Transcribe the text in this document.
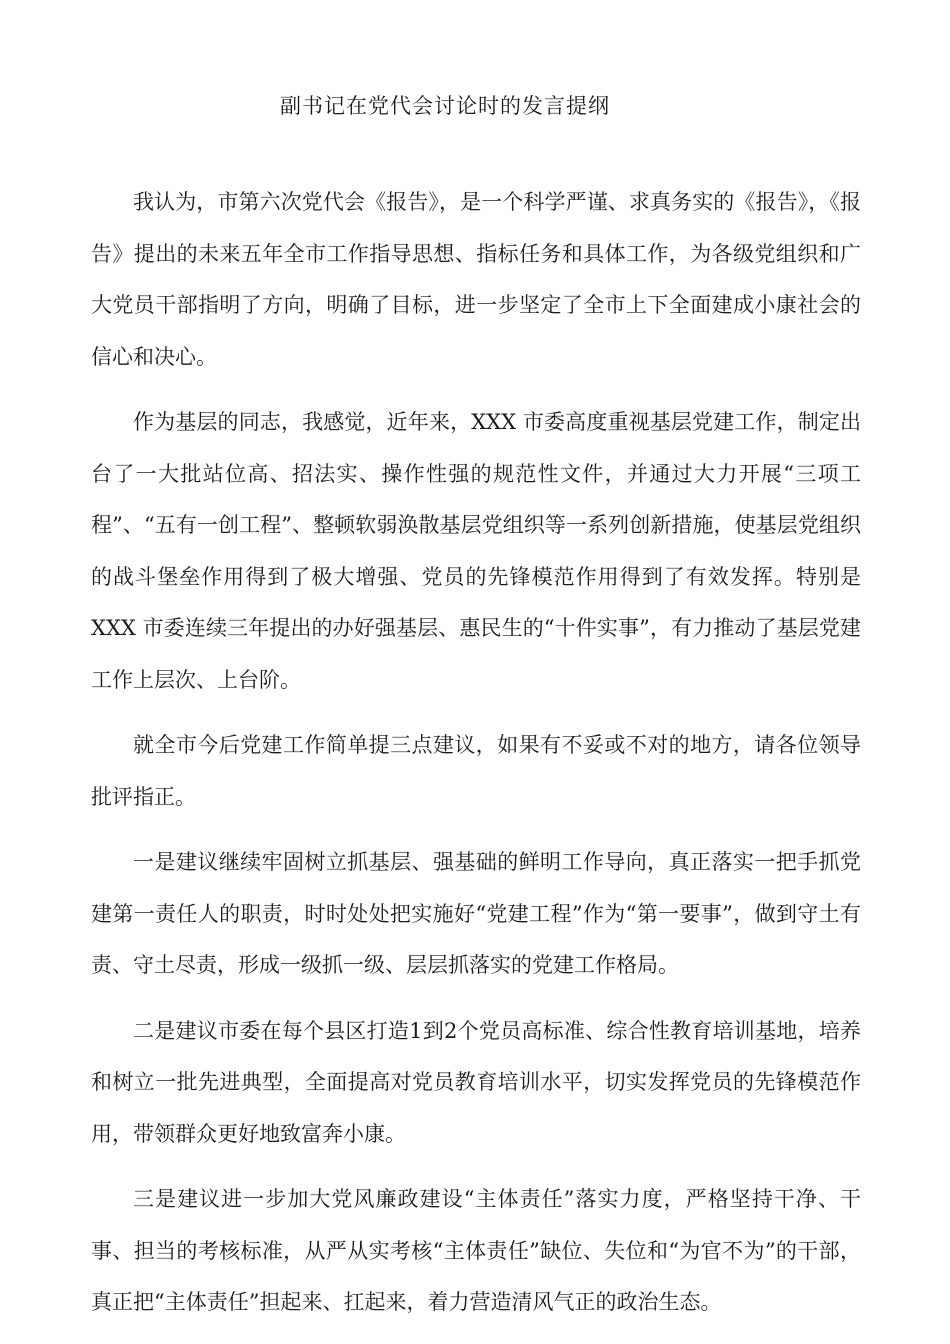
副书记在党代会讨论时的发言提纲

我认为，市第六次党代会《报告》，是一个科学严谨、求真务实的《报告》，《报告》提出的未来五年全市工作指导思想、指标任务和具体工作，为各级党组织和广大党员干部指明了方向，明确了目标，进一步坚定了全市上下全面建成小康社会的信心和决心。

作为基层的同志，我感觉，近年来，XXX 市委高度重视基层党建工作，制定出台了一大批站位高、招法实、操作性强的规范性文件，并通过大力开展“三项工程”、“五有一创工程”、整顿软弱涣散基层党组织等一系列创新措施，使基层党组织的战斗堡垒作用得到了极大增强、党员的先锋模范作用得到了有效发挥。特别是XXX 市委连续三年提出的办好强基层、惠民生的“十件实事”，有力推动了基层党建工作上层次、上台阶。

就全市今后党建工作简单提三点建议，如果有不妥或不对的地方，请各位领导批评指正。

一是建议继续牢固树立抓基层、强基础的鲜明工作导向，真正落实一把手抓党建第一责任人的职责，时时处处把实施好“党建工程”作为“第一要事”，做到守土有责、守土尽责，形成一级抓一级、层层抓落实的党建工作格局。

二是建议市委在每个县区打造1到2个党员高标准、综合性教育培训基地，培养和树立一批先进典型，全面提高对党员教育培训水平，切实发挥党员的先锋模范作用，带领群众更好地致富奔小康。

三是建议进一步加大党风廉政建设“主体责任”落实力度，严格坚持干净、干事、担当的考核标准，从严从实考核“主体责任”缺位、失位和“为官不为”的干部，真正把“主体责任”担起来、扛起来，着力营造清风气正的政治生态。
